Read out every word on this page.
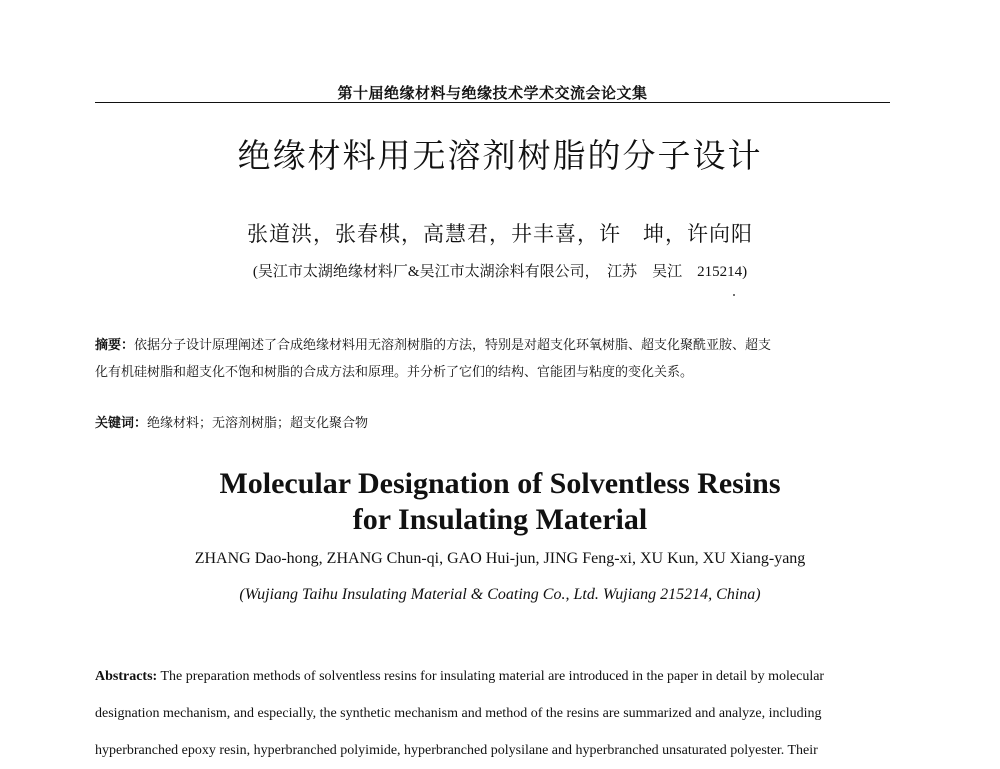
第十届绝缘材料与绝缘技术学术交流会论文集
绝缘材料用无溶剂树脂的分子设计
张道洪，张春棋，高慧君，井丰喜，许　坤，许向阳
(吴江市太湖绝缘材料厂&吴江市太湖涂料有限公司，　江苏　吴江　215214)
摘要：依据分子设计原理阐述了合成绝缘材料用无溶剂树脂的方法，特别是对超支化环氧树脂、超支化聚酰亚胺、超支
化有机硅树脂和超支化不饱和树脂的合成方法和原理。并分析了它们的结构、官能团与粘度的变化关系。
关键词：绝缘材料；无溶剂树脂；超支化聚合物
Molecular Designation of Solventless Resins
for Insulating Material
ZHANG Dao-hong, ZHANG Chun-qi, GAO Hui-jun, JING Feng-xi, XU Kun, XU Xiang-yang
(Wujiang Taihu Insulating Material & Coating Co., Ltd. Wujiang 215214, China)
Abstracts: The preparation methods of solventless resins for insulating material are introduced in the paper in detail by molecular
designation mechanism, and especially, the synthetic mechanism and method of the resins are summarized and analyze, including
hyperbranched epoxy resin, hyperbranched polyimide, hyperbranched polysilane and hyperbranched unsaturated polyester. Their
